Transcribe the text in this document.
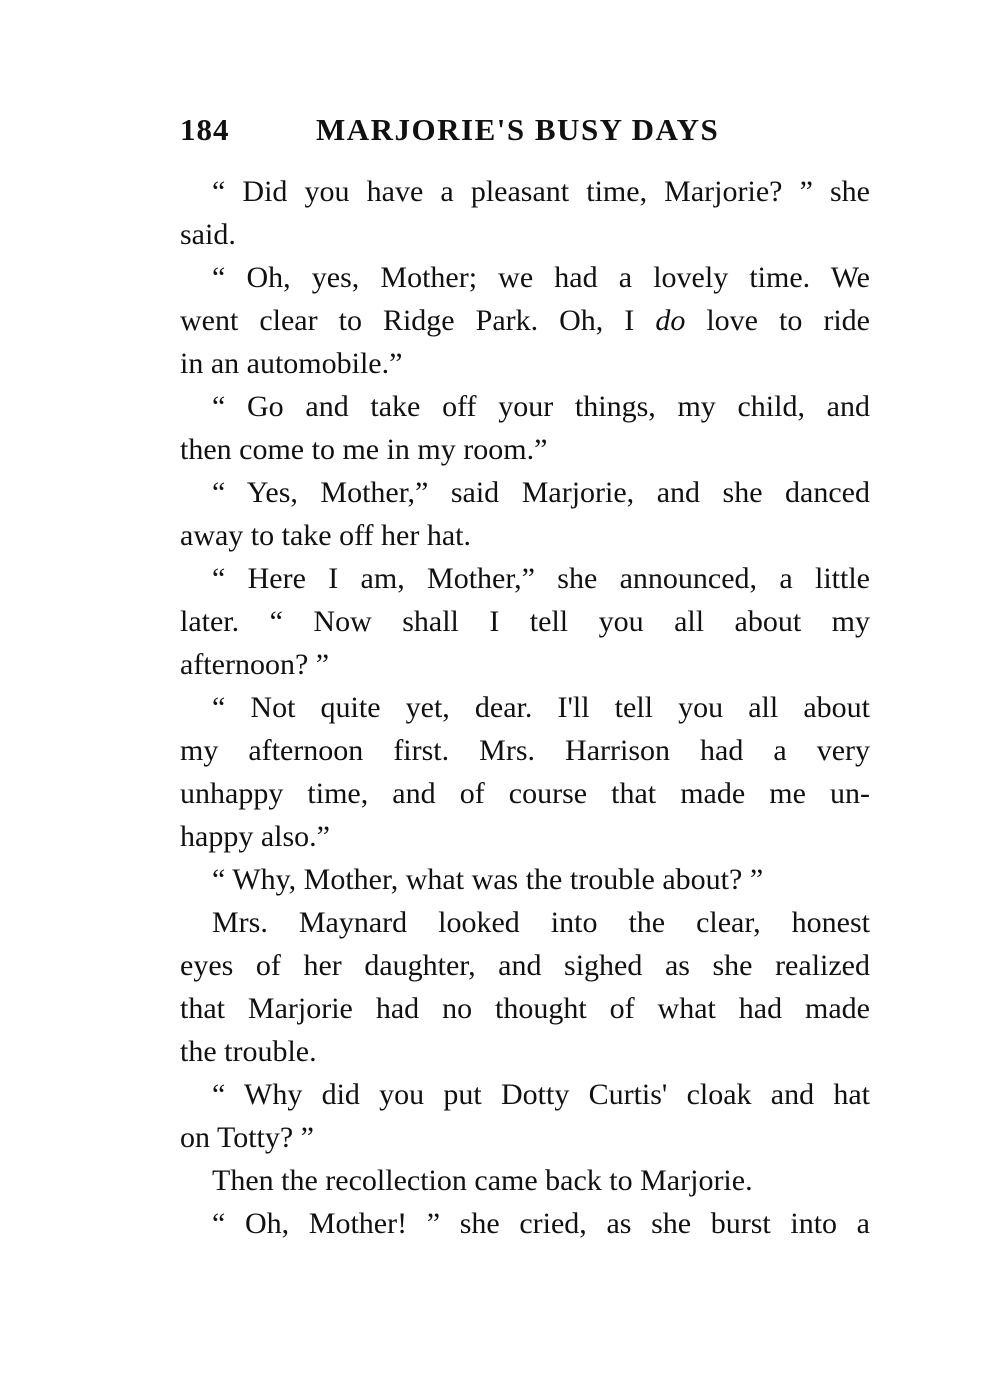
184	MARJORIE'S BUSY DAYS
“ Did you have a pleasant time, Marjorie? ” she
said.
“ Oh, yes, Mother; we had a lovely time. We
went clear to Ridge Park. Oh, I do love to ride
in an automobile.”
“ Go and take off your things, my child, and
then come to me in my room.”
“ Yes, Mother,” said Marjorie, and she danced
away to take off her hat.
“ Here I am, Mother,” she announced, a little
later. “ Now shall I tell you all about my
afternoon? ”
“ Not quite yet, dear. I'll tell you all about
my afternoon first. Mrs. Harrison had a very
unhappy time, and of course that made me un-
happy also.”
“ Why, Mother, what was the trouble about? ”
Mrs. Maynard looked into the clear, honest
eyes of her daughter, and sighed as she realized
that Marjorie had no thought of what had made
the trouble.
“ Why did you put Dotty Curtis' cloak and hat
on Totty? ”
Then the recollection came back to Marjorie.
“ Oh, Mother! ” she cried, as she burst into a
